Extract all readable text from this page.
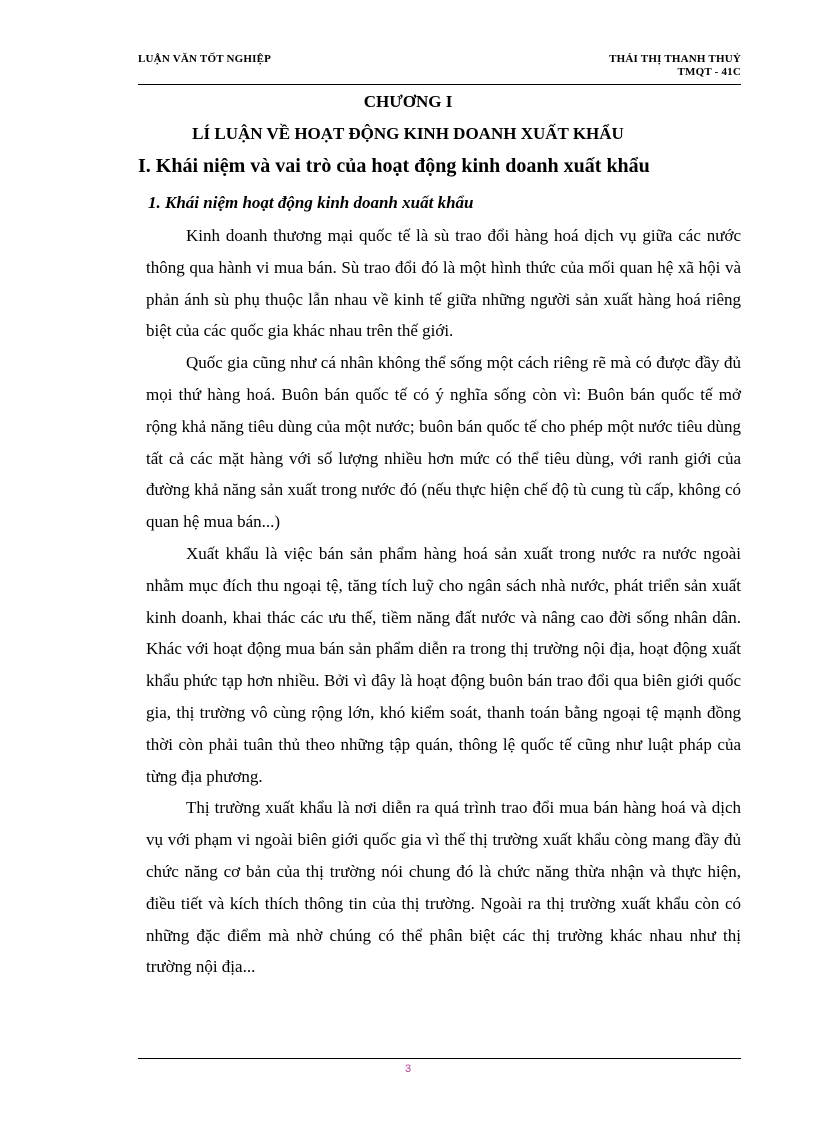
LUẬN VĂN TỐT NGHIỆP	THÁI THỊ THANH THUỶ
TMQT - 41C
CHƯƠNG I
LÍ LUẬN VỀ HOẠT ĐỘNG KINH DOANH XUẤT KHẨU
I. Khái niệm và vai trò của hoạt động kinh doanh xuất khẩu
1. Khái niệm hoạt động kinh doanh xuất khẩu

Kinh doanh thương mại quốc tế là sù trao đổi hàng hoá dịch vụ giữa các nước thông qua hành vi mua bán. Sù trao đổi đó là một hình thức của mối quan hệ xã hội và phản ánh sù phụ thuộc lẫn nhau về kinh tế giữa những người sản xuất hàng hoá riêng biệt của các quốc gia khác nhau trên thế giới.

Quốc gia cũng như cá nhân không thể sống một cách riêng rẽ mà có được đầy đủ mọi thứ hàng hoá. Buôn bán quốc tế có ý nghĩa sống còn vì: Buôn bán quốc tế mở rộng khả năng tiêu dùng của một nước; buôn bán quốc tế cho phép một nước tiêu dùng tất cả các mặt hàng với số lượng nhiều hơn mức có thể tiêu dùng, với ranh giới của đường khả năng sản xuất trong nước đó (nếu thực hiện chế độ tù cung tù cấp, không có quan hệ mua bán...)

Xuất khẩu là việc bán sản phẩm hàng hoá sản xuất trong nước ra nước ngoài nhằm mục đích thu ngoại tệ, tăng tích luỹ cho ngân sách nhà nước, phát triển sản xuất kinh doanh, khai thác các ưu thế, tiềm năng đất nước và nâng cao đời sống nhân dân. Khác với hoạt động mua bán sản phẩm diễn ra trong thị trường nội địa, hoạt động xuất khẩu phức tạp hơn nhiều. Bởi vì đây là hoạt động buôn bán trao đổi qua biên giới quốc gia, thị trường vô cùng rộng lớn, khó kiểm soát, thanh toán bằng ngoại tệ mạnh đồng thời còn phải tuân thủ theo những tập quán, thông lệ quốc tế cũng như luật pháp của từng địa phương.

Thị trường xuất khẩu là nơi diễn ra quá trình trao đổi mua bán hàng hoá và dịch vụ với phạm vi ngoài biên giới quốc gia vì thế thị trường xuất khẩu còng mang đầy đủ chức năng cơ bản của thị trường nói chung đó là chức năng thừa nhận và thực hiện, điều tiết và kích thích thông tin của thị trường. Ngoài ra thị trường xuất khẩu còn có những đặc điểm mà nhờ chúng có thể phân biệt các thị trường khác nhau như thị trường nội địa...

3
